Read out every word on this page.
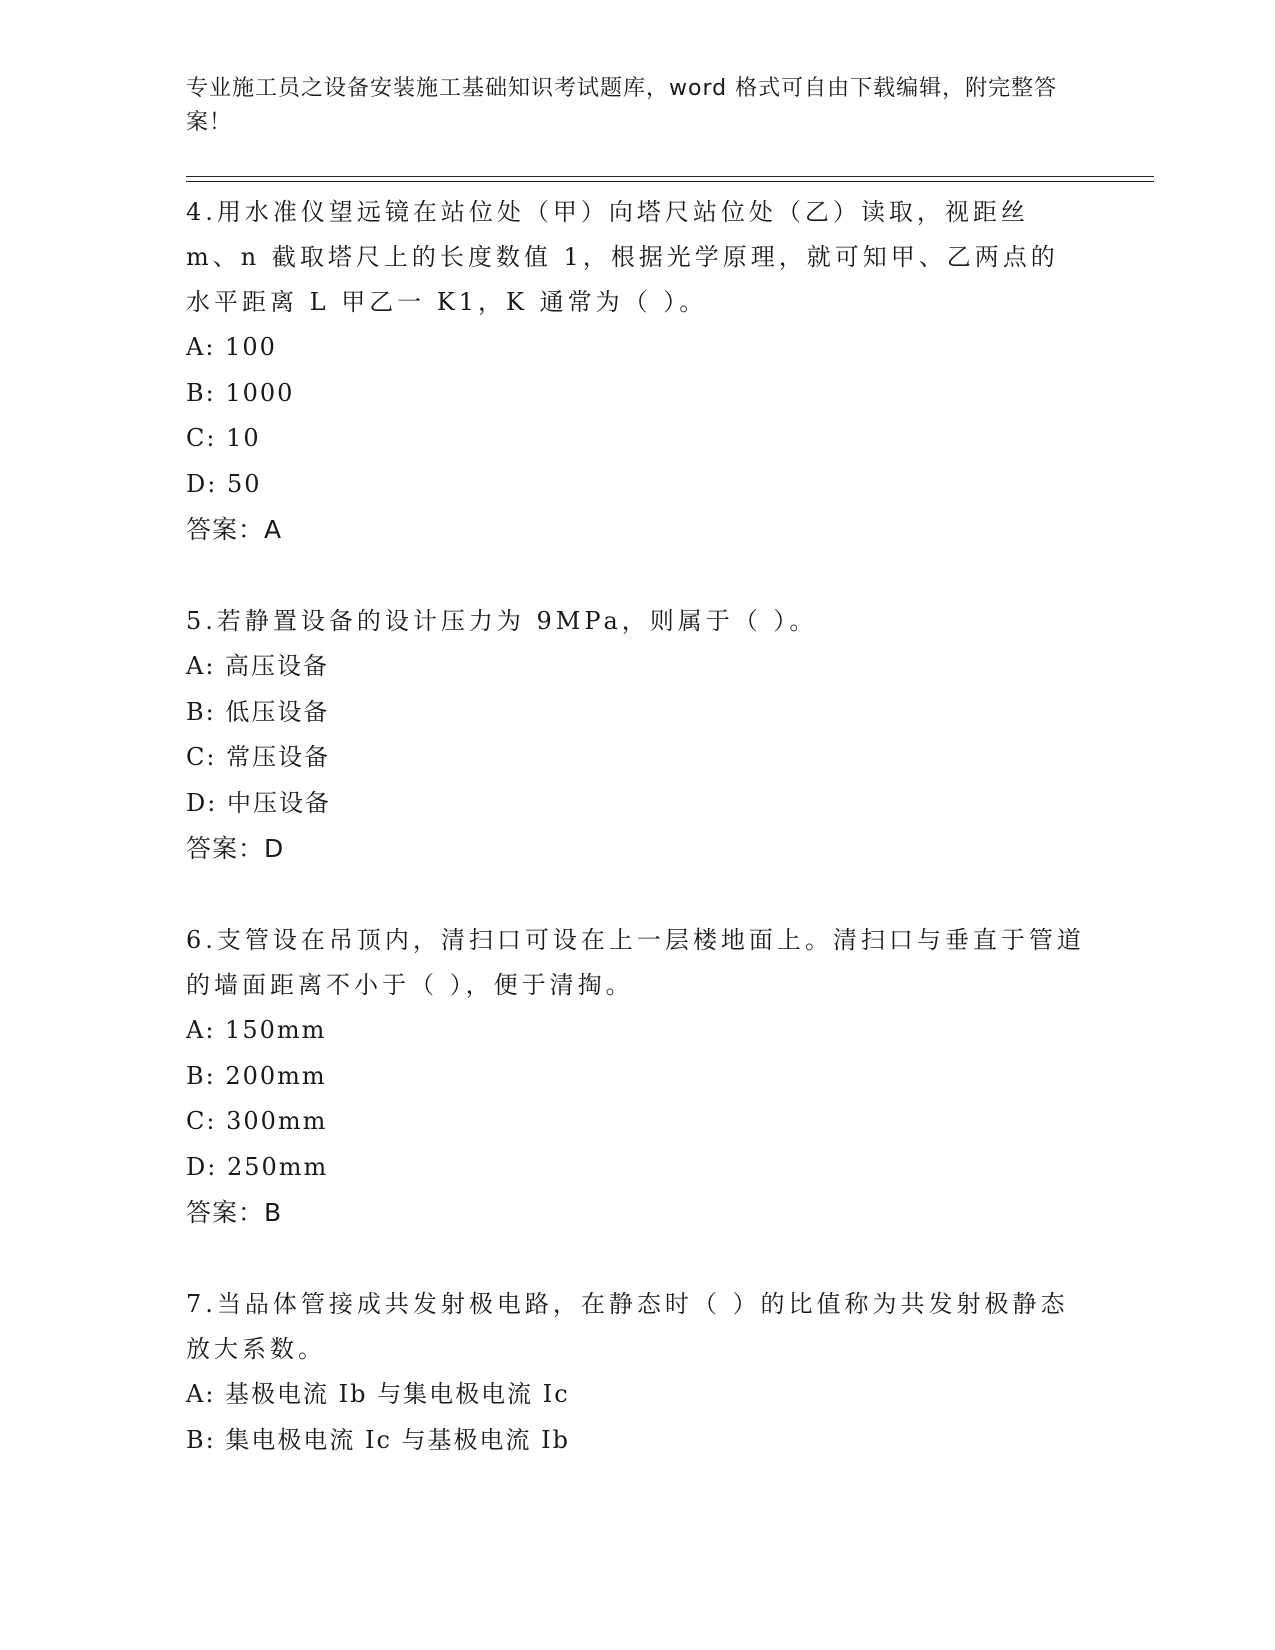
专业施工员之设备安装施工基础知识考试题库，word 格式可自由下载编辑，附完整答案！

4.用水准仪望远镜在站位处（甲）向塔尺站位处（乙）读取，视距丝 m、n 截取塔尺上的长度数值 1，根据光学原理，就可知甲、乙两点的水平距离 L 甲乙一 K1，K 通常为（ ）。

A: 100

B: 1000

C: 10

D: 50

答案：A

5.若静置设备的设计压力为 9MPa，则属于（ ）。

A: 高压设备

B: 低压设备

C: 常压设备

D: 中压设备

答案：D

6.支管设在吊顶内，清扫口可设在上一层楼地面上。清扫口与垂直于管道的墙面距离不小于（ ），便于清掏。

A: 150mm

B: 200mm

C: 300mm

D: 250mm

答案：B

7.当品体管接成共发射极电路，在静态时（ ）的比值称为共发射极静态放大系数。

A: 基极电流 Ib 与集电极电流 Ic

B: 集电极电流 Ic 与基极电流 Ib
